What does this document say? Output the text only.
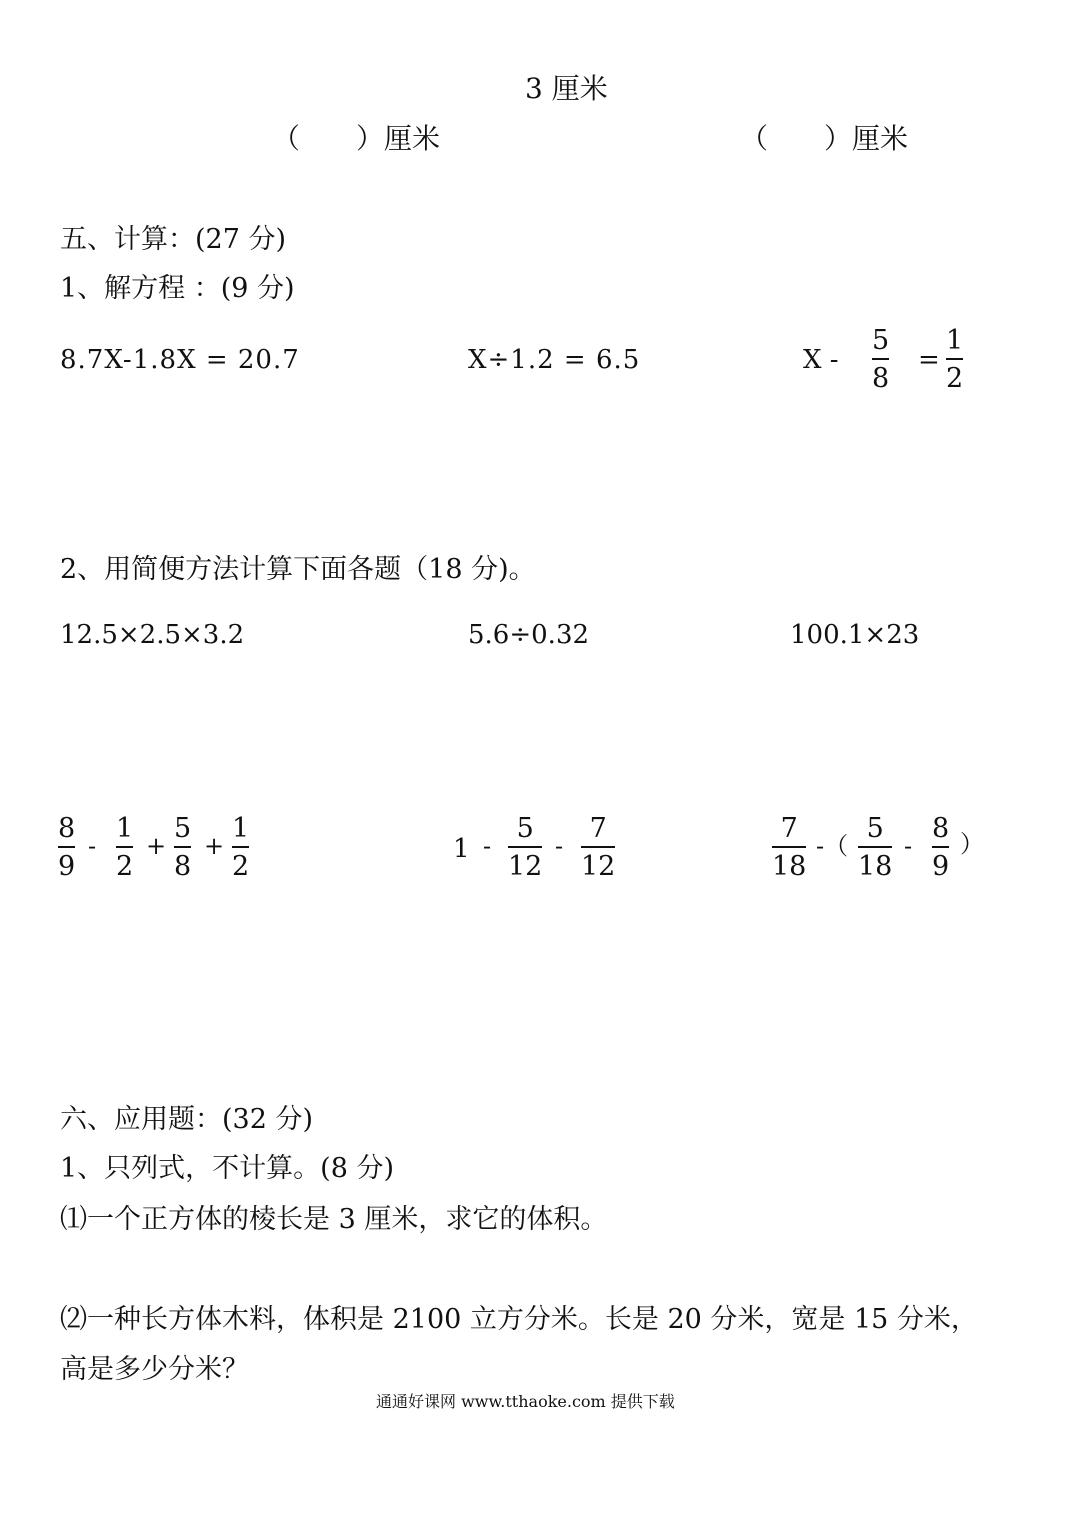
3 厘米
（　　）厘米	（　　）厘米
五、计算：(27 分)
1、解方程 ：(9 分)
8.7X-1.8X = 20.7	X÷1.2 = 6.5	X -
5
8
=
1
2
2、用简便方法计算下面各题（18 分)。
12.5×2.5×3.2	5.6÷0.32	100.1×23
8
9
-
1
2
+
5
8
+
1
2
1 -
5
12
-
7
12
7
18
-（
5
18
-
8
9
）
六、应用题：(32 分)
1、只列式，不计算。(8 分)
⑴一个正方体的棱长是 3 厘米，求它的体积。
⑵一种长方体木料，体积是 2100 立方分米。长是 20 分米，宽是 15 分米，
高是多少分米？
通通好课网 www.tthaoke.com 提供下载
